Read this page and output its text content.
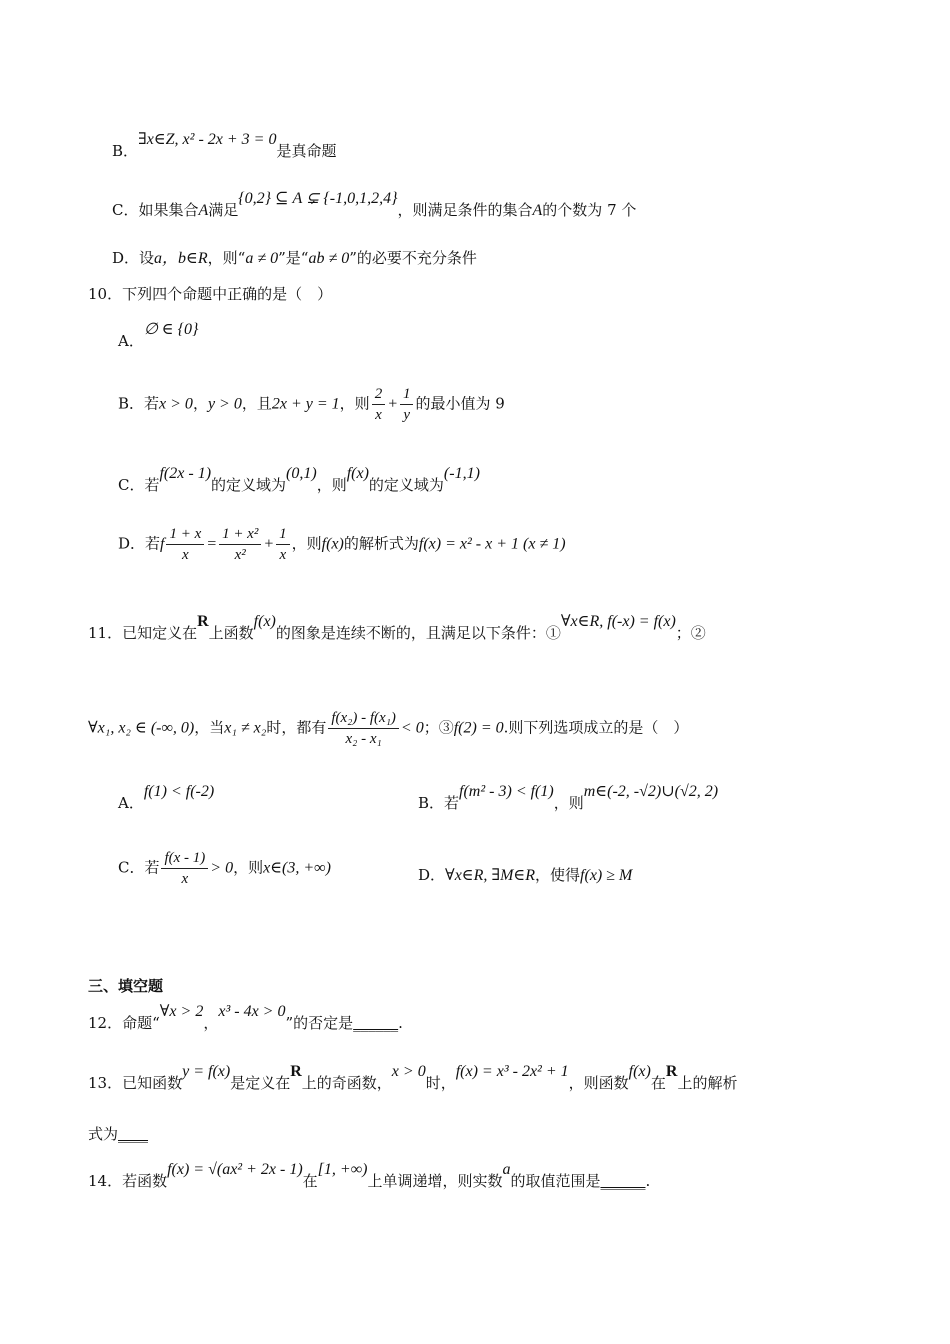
B．∃x∈Z, x² - 2x + 3 = 0是真命题
C．如果集合A满足{0,2} ⊆ A ⊊ {-1,0,1,2,4}，则满足条件的集合A的个数为 7 个
D．设a，b∈R，则“a ≠ 0”是“ab ≠ 0”的必要不充分条件
10．下列四个命题中正确的是（　）
A．∅ ∈ {0}
B．若x > 0，y > 0，且2x + y = 1，则 $\frac{2}{x} + \frac{1}{y}$ 的最小值为 9
C．若f(2x - 1)的定义域为(0,1)，则f(x)的定义域为(-1,1)
D．若f $\frac{1 + x}{x} = \frac{\text{1 + x²}}{\text{x²}} + \frac{1}{x}$ ，则f(x)的解析式为f(x) = x² - x + 1 (x ≠ 1)
11．已知定义在R上函数f(x)的图象是连续不断的，且满足以下条件：①∀x∈R, f(-x) = f(x)；②
∀x₁, x₂ ∈ (-∞, 0)，当x₁ ≠ x₂时，都有 $\frac{\text{f(x₂) - f(x₁)}}{\text{x₂ - x₁}} < 0$；③f(2) = 0.则下列选项成立的是（　）
A．f(1) < f(-2)
B．若f(m² - 3) < f(1)，则m∈(-2, -√2)∪(√2, 2)
C．若 $\frac{f(x - 1)}{x} > 0$，则x∈(3, +∞)	D．∀x∈R, ∃M∈R，使得f(x) ≥ M
三、填空题
12．命题“∀x > 2，x³ - 4x > 0”的否定是______.
13．已知函数y = f(x)是定义在R上的奇函数，x > 0时，f(x) = x³ - 2x² + 1，则函数f(x)在R上的解析
式为____
14．若函数f(x) = √(ax² + 2x - 1)在[1, +∞)上单调递增，则实数a的取值范围是______.
